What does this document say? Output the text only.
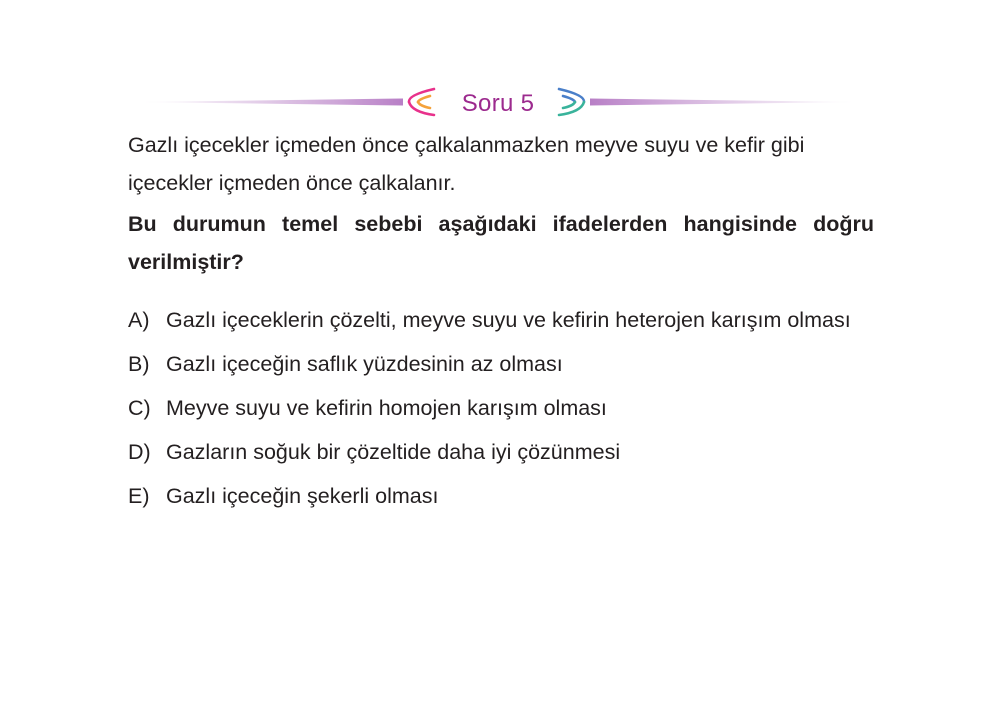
Soru 5
Gazlı içecekler içmeden önce çalkalanmazken meyve suyu ve kefir gibi içecekler içmeden önce çalkalanır.
Bu durumun temel sebebi aşağıdaki ifadelerden hangisinde doğru verilmiştir?
A) Gazlı içeceklerin çözelti, meyve suyu ve kefirin heterojen karışım olması
B) Gazlı içeceğin saflık yüzdesinin az olması
C) Meyve suyu ve kefirin homojen karışım olması
D) Gazların soğuk bir çözeltide daha iyi çözünmesi
E) Gazlı içeceğin şekerli olması
